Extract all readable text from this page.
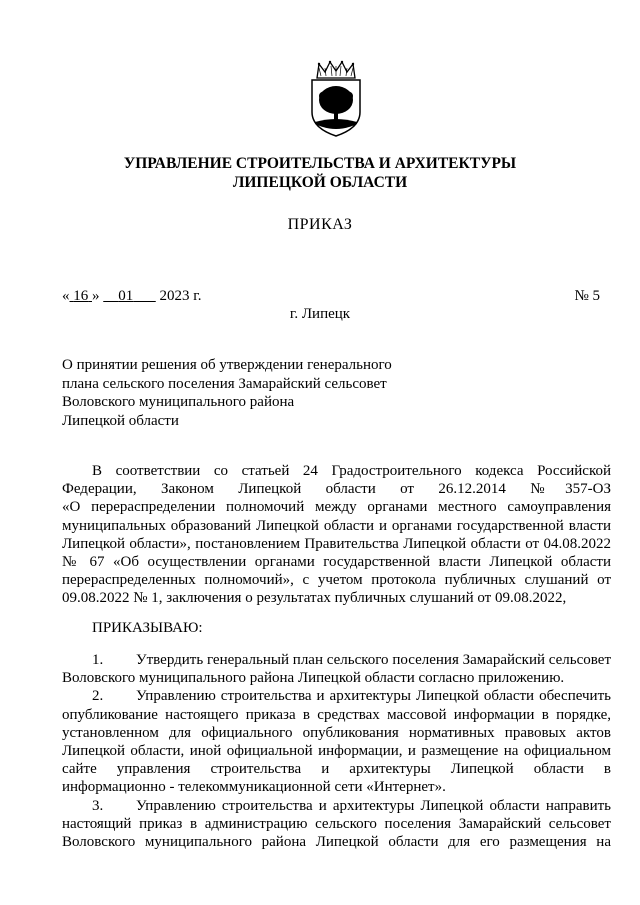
УПРАВЛЕНИЕ СТРОИТЕЛЬСТВА И АРХИТЕКТУРЫ
ЛИПЕЦКОЙ ОБЛАСТИ
ПРИКАЗ
« 16 » 01 2023 г.	№ 5
г. Липецк
О принятии решения об утверждении генерального
плана сельского поселения Замарайский сельсовет
Воловского муниципального района
Липецкой области
В соответствии со статьей 24 Градостроительного кодекса Российской
Федерации, Законом Липецкой области от 26.12.2014 №357-ОЗ
«О перераспределении полномочий между органами местного самоуправления
муниципальных образований Липецкой области и органами государственной власти
Липецкой области», постановлением Правительства Липецкой области от 04.08.2022
№ 67 «Об осуществлении органами государственной власти Липецкой области
перераспределенных полномочий», с учетом протокола публичных слушаний от
09.08.2022 № 1, заключения о результатах публичных слушаний от 09.08.2022,
ПРИКАЗЫВАЮ:
1. Утвердить генеральный план сельского поселения Замарайский сельсовет
Воловского муниципального района Липецкой области согласно приложению.
2. Управлению строительства и архитектуры Липецкой области обеспечить
опубликование настоящего приказа в средствах массовой информации в порядке,
установленном для официального опубликования нормативных правовых актов
Липецкой области, иной официальной информации, и размещение на официальном
сайте управления строительства и архитектуры Липецкой области в
информационно - телекоммуникационной сети «Интернет».
3. Управлению строительства и архитектуры Липецкой области направить
настоящий приказ в администрацию сельского поселения Замарайский сельсовет
Воловского муниципального района Липецкой области для его размещения на
